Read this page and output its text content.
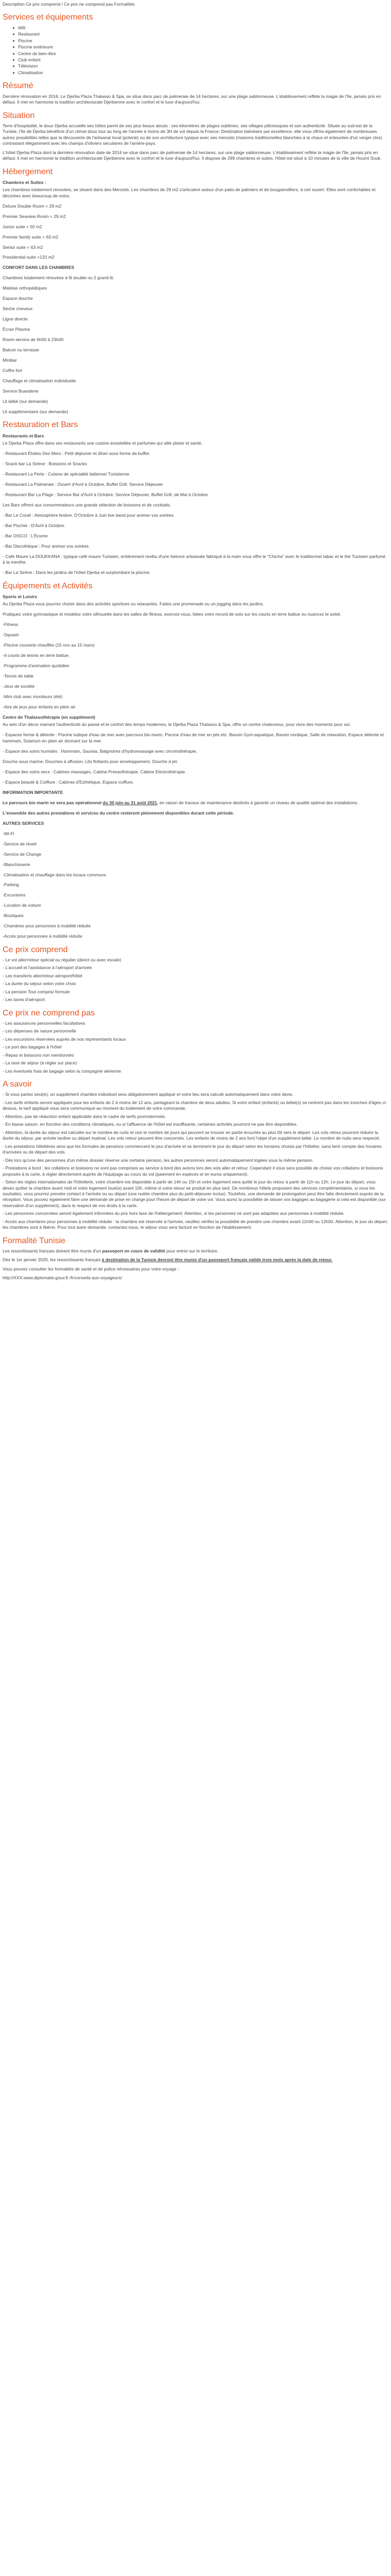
Description Ce prix comprend / Ce prix ne comprend pas Formalités

Services et équipements
Wifi
Restaurant
Piscine
Piscine extérieure
Centre de bien-être
Club enfant
Télévision
Climatisation
Résumé

Dernière rénovation en 2016. Le Djerba Plaza Thalasso & Spa, se situe dans parc de palmeraie de 14 hectares, sur une plage sablonneuse. L'établissement reflète la magie de l'île, jamais pris en défaut. Il met en harmonie la tradition architecturale Djerbienne avec le confort et le luxe d'aujourd'hui.

Situation

Terre d'hospitalité, le doux Djerba accueille ses hôtes parmi de ses plus beaux atouts : ses kilomètres de plages sublimes, ses villages pittoresques et son authenticité. Située au sud-est de la Tunisie, l'île de Djerba bénéficie d'un climat doux tout au long de l'année à moins de 3H de vol depuis la France. Destination balnéaire par excellence, elle vous offrira également de nombreuses autres possibilités telles que la découverte de l'artisanat local (poterie) ou de son architecture typique avec ses menzels (maisons traditionnelles blanchies à la chaux et entourées d'un verger clos) contrastant élégamment avec les champs d'oliviers séculaires de l'arrière-pays.

L'hôtel Djerba Plaza dont la dernière rénovation date de 2014 se situe dans parc de palmeraie de 14 hectares, sur une plage sablonneuse. L'établissement reflète la magie de l'île, jamais pris en défaut. Il met en harmonie la tradition architecturale Djerbienne avec le confort et le luxe d'aujourd'hui. Il dispose de 299 chambres et suites. Hôtel est situé à 10 minutes de la ville de Houmt Souk.

Hébergement
Chambres et Suites :

Les chambres totalement rénovées, se situent dans des Menzels. Les chambres de 29 m2 s'articulent autour d'un patio de palmiers et de bougainvilliers, à ciel ouvert. Elles sont confortables et décorées avec beaucoup de soins.

Deluxe Double Room = 29 m2

Premier Seaview Room = 29 m2

Junior suite = 50 m2

Premier family suite = 63 m2

Senior suite = 63 m2

Presidential suite =120 m2

CONFORT DANS LES CHAMBRES

Chambres totalement rénovées à fit double ou 2 grand lit.

Matelas orthopédiques

Espace douche

Sèche cheveux

Ligne directe

Écran Plasma

Room service de 6h00 à 23h00

Balcon ou terrasse

Minibar

Coffre fort

Chauffage et climatisation individuelle

Service Buanderie

Lit bébé (sur demande)

Lit supplémentaire (sur demande)

Restauration et Bars
Restaurants et Bars

Le Djerba Plaza offre dans ses restaurants une cuisine ensoleillée et parfumée qui allie plaisir et santé.

- Restaurant Étoiles Des Mers : Petit déjeuner et dîner sous forme de buffet.

- Snack bar La Sirène : Boissons et Snacks

- Restaurant La Perle : Cuisine de spécialité italienne/ Tunisienne

- Restaurant La Palmeraie : Ouvert d'Avril à Octobre, Buffet Grill. Service Déjeuner

- Restaurant Bar La Plage : Service Bar d'Avril à Octobre. Service Déjeuner, Buffet Grill, de Mai à Octobre.

Les Bars offrent aux consommateurs une grande sélection de boissons et de cocktails.

- Bar Le Corail : Atmosphère festive. D'Octobre à Juin live band pour animer vos soirées.

- Bar Pischie : D'Avril à Octobre.

- Bar DISCO : L'Écume

- Bar Discothèque : Pour animer vos soirées.

- Café Maure La DOUKKANA : typique café maure Tunisien, entièrement revêtu d'une faïence artisanale fabriqué à la main vous offre le "Chicha" avec le traditionnel tabac et le thé Tunisien parfumé à la menthe.

- Bar La Sirène : Dans les jardins de l'hôtel Djerba et surplombant la piscine.

Équipements et Activités
Sports et Loisirs

Au Djerba Plaza vous pourrez choisir dans des activités sportives ou relaxantes. Faites une promenade ou un jogging dans les jardins.

Pratiquez votre gymnastique et modelez votre silhouette dans les salles de fitness, exercez-vous, faites votre record de solo sur les courts en terre battue ou nuancez le soleil.

-Fitness

-Squash

-Piscine couverte chauffée (15 nov au 15 mars)

-4 courts de tennis en terre battue.

-Programme d'animation quotidien

-Tennis de table

-Jeux de société

-Mini club avec moniteurs (été)

-Aire de jeux pour enfants en plein air

Centre de Thalassothérapie (en supplément)

Au sein d'un décor marrant l'authenticité du passé et le confort des temps modernes, le Djerba Plaza Thalasso & Spa, offre un centre chaleureux, pour vivre des moments pour soi.

- Espaces forme & détente : Piscine ludique d'eau de mer avec parcours bio marin, Piscine d'eau de mer en jets etc. Bassin Gym-aquatique, Bassin nordique, Salle de relaxation, Espace détente et hammam, Solarium en plein air donnant sur la mer.

- Espace des soins humides : Hammam, Saunas, Balgnoires d'hydromassage avec chromothérapie,

Douche sous marine, Douches à affusion, Lits flottants pour enveloppement, Douche à jet.

- Espace des soins secs : Cabines massages, Cabine Pressothérapie, Cabine Electrothérapie.

- Espace beauté & Coiffure : Cabines d'Esthétique, Espace coiffure.

INFORMATION IMPORTANTE

Le parcours bio marin ne sera pas opérationnel du 30 juin au 31 août 2021, en raison de travaux de maintenance destinés à garantir un niveau de qualité optimal des installations.

L'ensemble des autres prestations et services du centre resteront pleinement disponibles durant cette période.

AUTRES SERVICES

-Wi-Fi

-Service de réveil

-Service de Change

-Blanchisserie

-Climatisation et chauffage dans les locaux communs

-Parking

-Excursions

-Location de voiture

-Boutiques

-Chambres pour personnes à mobilité réduite

-Accès pour personnes à mobilité réduite

Ce prix comprend

- Le vol aller/retour spécial ou régulier (direct ou avec escale)

- L'accueil et l'assistance à l'aéroport d'arrivée

- Les transferts aller/retour aéroport/hôtel

- La durée du séjour selon votre choix

- La pension Tout compris/ formule

- Les taxes d'aéroport

Ce prix ne comprend pas

- Les assurances personnelles facultatives

- Les dépenses de nature personnelle

- Les excursions réservées auprès de nos représentants locaux

- Le port des bagages à l'hôtel

- Repas et boissons non mentionnés

- La taxe de séjour (à régler sur place)

- Les éventuels frais de bagage selon la compagnie aérienne

A savoir

- Si vous partez seul(e), un supplément chambre individuel sera obligatoirement appliqué et votre lieu sera calculé automatiquement dans votre devis.

- Les tarifs enfants seront appliqués pour les enfants de 2 à moins de 12 ans, partageant la chambre de deux adultes. Si votre enfant (enfants) ou bébé(s) se rentrent pas dans les tranches d'âges ci-dessus, le tarif appliqué vous sera communiqué au moment du traitement de votre commande.

- Attention, pas de réduction enfant applicable dans le cadre de tarifs promotionnels.

- En basse saison, en fonction des conditions climatiques, ou si l'affluence de l'hôtel est insuffisante, certaines activités pourront ne pas être disponibles.

- Attention, la durée du séjour est calculée sur le nombre de nuits et non le nombre de jours qui peuvent se trouver en partie écourtés au plus tôt vers le départ. Les vols retour pourront réduire la durée du séjour, par arrivée tardive ou départ matinal. Les vols retour peuvent être concernés. Les enfants de moins de 2 ans font l'objet d'un supplément bébé. Le nombre de nuits sera respecté.

- Les prestations hôtelières ainsi que les formules de pensions commencent le jour d'arrivée et se terminent le jour du départ selon les horaires choisis par l'hôtelier, sans tenir compte des horaires d'arrivées ou de départ des vols.

- Dès lors qu'une des personnes d'un même dossier réserve une certaine pension, les autres personnes seront automatiquement logées sous la même pension.

- Prestations à bord : les collations et boissons ne sont pas comprises au service à bord des avions lors des vols aller et retour. Cependant il vous sera possible de choisir vos collations et boissons proposés à la carte, à régler directement auprès de l'équipage au cours du vol (paiement en espèces et en euros uniquement).

- Selon les règles internationales de l'hôtellerie, votre chambre est disponible à partir de 14h ou 15h et votre logement sera quitté le jour du retour à partir de 11h ou 12h. Le jour du départ, vous devez quitter la chambre avant midi et votre logement loué(e) avant 10h, même si votre retour se produit en plus tard. De nombreux hôtels proposent des services complémentaires, si vous les souhaitez, vous pourrez prendre contact à l'arrivée ou au départ (une nuitée chambre plus du petit-déjeuner inclus). Toutefois, une demande de prolongation peut être faite directement auprès de la réception. Vous pouvez également faire une demande de prise en charge pour l'heure de départ de votre vol. Vous aurez la possibilité de laisser vos bagages au bagagerie si cela est disponible (sur réservation d'un supplément), dans le respect de vos droits à la carte.

- Les personnes concernées seront également informées du prix hors taxe de l'hébergement. Attention, si les personnes ne sont pas adaptées aux personnes à mobilité réduite.

- Accès aux chambres pour personnes à mobilité réduite : la chambre est réservée à l'arrivée, veuillez vérifier la possibilité de prendre une chambre avant 11h00 ou 12h00. Attention, le jour du départ, les chambres sont à libérer. Pour tout autre demande, contactez-nous, le séjour vous sera facturé en fonction de l'établissement.

Formalité Tunisie

Les ressortissants français doivent être munis d'un passeport en cours de validité pour entrer sur le territoire.

Dès le 1er janvier 2020, les ressortissants français à destination de la Tunisie devront être munis d'un passeport français valide trois mois après la date de retour.

Vous pouvez consulter les formalités de santé et de police nécessaires pour votre voyage :

http://XXX.www.diplomatie.gouv.fr /fr/conseils-aux-voyageurs/
